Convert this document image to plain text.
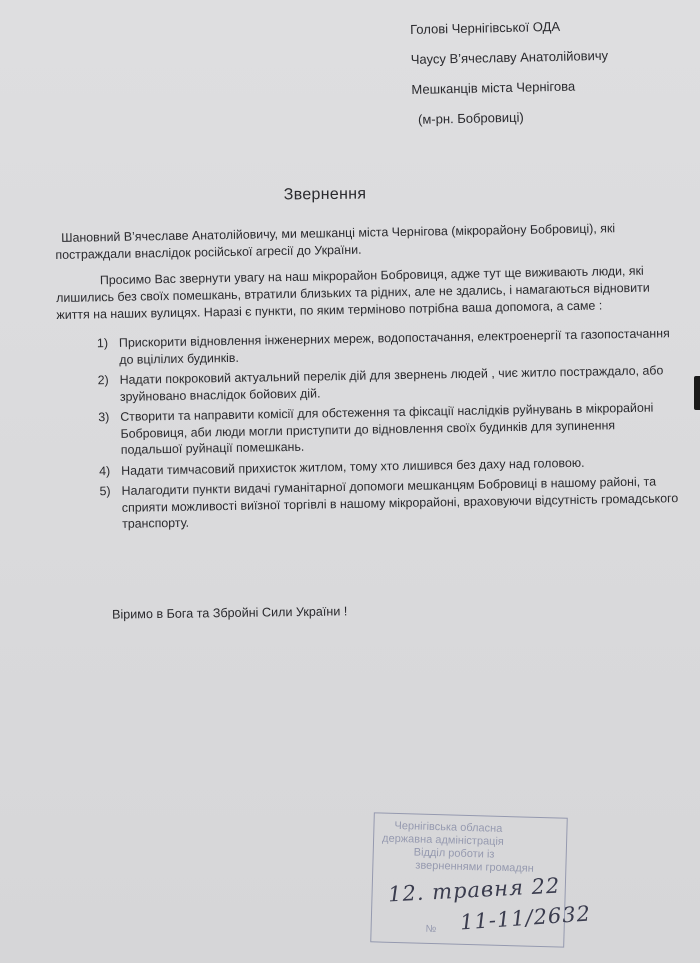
Голові Чернігівської ОДА
Чаусу В’ячеславу Анатолійовичу
Мешканців міста Чернігова
(м-рн. Бобровиці)
Звернення

Шановний В’ячеславе Анатолійовичу, ми мешканці міста Чернігова (мікрорайону Бобровиці), які постраждали внаслідок російської агресії до України.

Просимо Вас звернути увагу на наш мікрорайон Бобровиця, адже тут ще виживають люди, які лишились без своїх помешкань, втратили близьких та рідних, але не здались, і намагаються відновити життя на наших вулицях. Наразі є пункти, по яким терміново потрібна ваша допомога, а саме :

1) Прискорити відновлення інженерних мереж, водопостачання, електроенергії та газопостачання до вцілілих будинків.
2) Надати покроковий актуальний перелік дій для звернень людей , чиє житло постраждало, або зруйновано внаслідок бойових дій.
3) Створити та направити комісії для обстеження та фіксації наслідків руйнувань в мікрорайоні Бобровиця, аби люди могли приступити до відновлення своїх будинків для зупинення подальшої руйнації помешкань.
4) Надати тимчасовий прихисток житлом, тому хто лишився без даху над головою.
5) Налагодити пункти видачі гуманітарної допомоги мешканцям Бобровиці в нашому районі, та сприяти можливості виїзної торгівлі в нашому мікрорайоні, враховуючи відсутність громадського транспорту.
Віримо в Бога та Збройні Сили України !
Чернігівська обласна
державна адміністрація
Відділ роботи із
зверненнями громадян
№
12. травня 22
11-11/2632
